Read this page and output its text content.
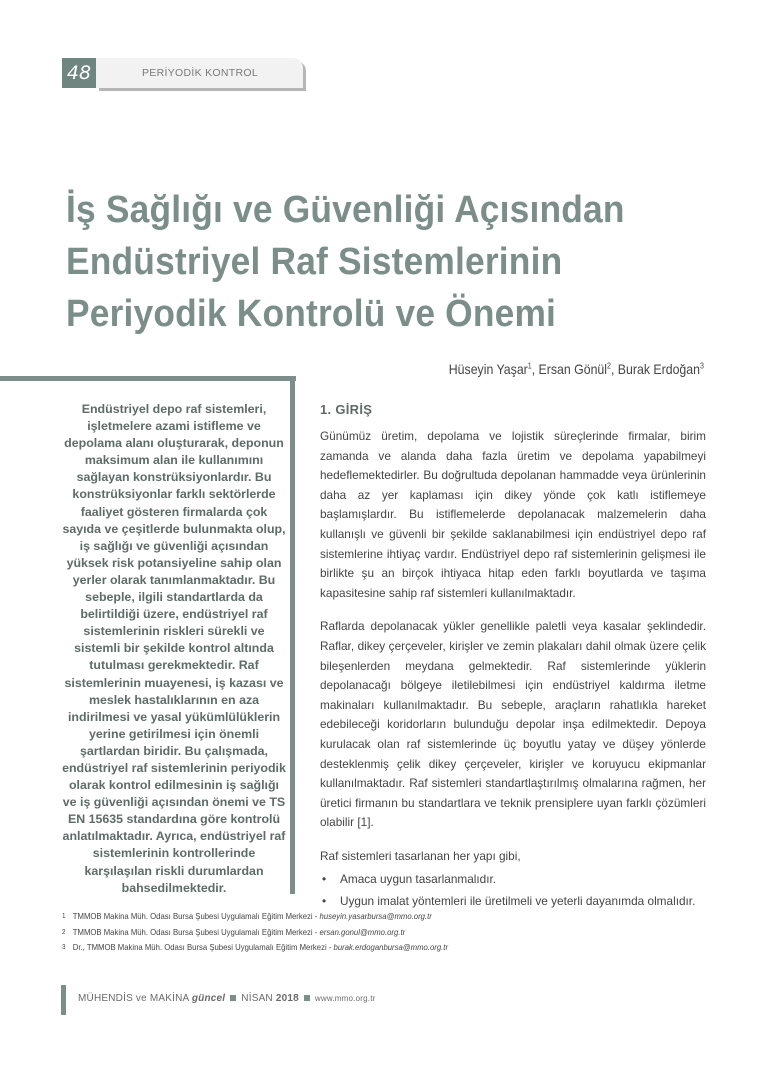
PERİYODİK KONTROL
48
İş Sağlığı ve Güvenliği Açısından
Endüstriyel Raf Sistemlerinin
Periyodik Kontrolü ve Önemi
Hüseyin Yaşar$^1$, Ersan Gönül$^2$, Burak Erdoğan$^3$

Endüstriyel depo raf sistemleri, işletmelere azami istifleme ve depolama alanı oluşturarak, deponun maksimum alan ile kullanımını sağlayan konstrüksiyonlardır. Bu konstrüksiyonlar farklı sektörlerde faaliyet gösteren firmalarda çok sayıda ve çeşitlerde bulunmakta olup, iş sağlığı ve güvenliği açısından yüksek risk potansiyeline sahip olan yerler olarak tanımlanmaktadır. Bu sebeple, ilgili standartlarda da belirtildiği üzere, endüstriyel raf sistemlerinin riskleri sürekli ve sistemli bir şekilde kontrol altında tutulması gerekmektedir. Raf sistemlerinin muayenesi, iş kazası ve meslek hastalıklarının en aza indirilmesi ve yasal yükümlülüklerin yerine getirilmesi için önemli şartlardan biridir. Bu çalışmada, endüstriyel raf sistemlerinin periyodik olarak kontrol edilmesinin iş sağlığı ve iş güvenliği açısından önemi ve TS EN 15635 standardına göre kontrolü anlatılmaktadır. Ayrıca, endüstriyel raf sistemlerinin kontrollerinde karşılaşılan riskli durumlardan bahsedilmektedir.

1. GİRİŞ

Günümüz üretim, depolama ve lojistik süreçlerinde firmalar, birim zamanda ve alanda daha fazla üretim ve depolama yapabilmeyi hedeflemektedirler. Bu doğrultuda depolanan hammadde veya ürünlerinin daha az yer kaplaması için dikey yönde çok katlı istiflemeye başlamışlardır. Bu istiflemelerde depolanacak malzemelerin daha kullanışlı ve güvenli bir şekilde saklanabilmesi için endüstriyel depo raf sistemlerine ihtiyaç vardır. Endüstriyel depo raf sistemlerinin gelişmesi ile birlikte şu an birçok ihtiyaca hitap eden farklı boyutlarda ve taşıma kapasitesine sahip raf sistemleri kullanılmaktadır.

Raflarda depolanacak yükler genellikle paletli veya kasalar şeklindedir. Raflar, dikey çerçeveler, kirişler ve zemin plakaları dahil olmak üzere çelik bileşenlerden meydana gelmektedir. Raf sistemlerinde yüklerin depolanacağı bölgeye iletilebilmesi için endüstriyel kaldırma iletme makinaları kullanılmaktadır. Bu sebeple, araçların rahatlıkla hareket edebileceği koridorların bulunduğu depolar inşa edilmektedir. Depoya kurulacak olan raf sistemlerinde üç boyutlu yatay ve düşey yönlerde desteklenmiş çelik dikey çerçeveler, kirişler ve koruyucu ekipmanlar kullanılmaktadır. Raf sistemleri standartlaştırılmış olmalarına rağmen, her üretici firmanın bu standartlara ve teknik prensiplere uyan farklı çözümleri olabilir [1].

Raf sistemleri tasarlanan her yapı gibi,

• Amaca uygun tasarlanmalıdır.
• Uygun imalat yöntemleri ile üretilmeli ve yeterli dayanımda olmalıdır.
1 TMMOB Makina Müh. Odası Bursa Şubesi Uygulamalı Eğitim Merkezi - huseyin.yasarbursa@mmo.org.tr
2 TMMOB Makina Müh. Odası Bursa Şubesi Uygulamalı Eğitim Merkezi - ersan.gonul@mmo.org.tr
3 Dr., TMMOB Makina Müh. Odası Bursa Şubesi Uygulamalı Eğitim Merkezi - burak.erdoganbursa@mmo.org.tr
MÜHENDİS ve MAKİNA güncel NİSAN 2018 www.mmo.org.tr
